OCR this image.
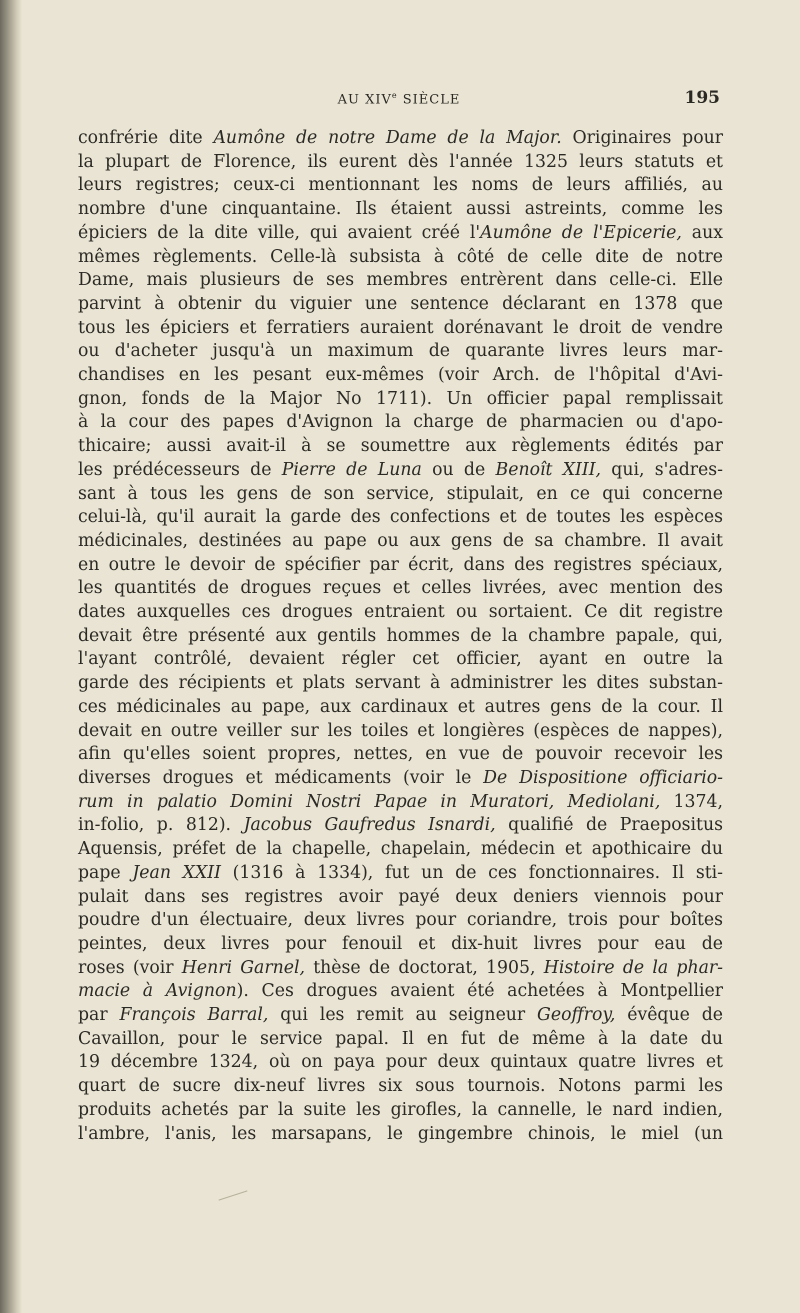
AU XIVe SIÈCLE	195
confrérie dite Aumône de notre Dame de la Major. Originaires pour
la plupart de Florence, ils eurent dès l'année 1325 leurs statuts et
leurs registres; ceux-ci mentionnant les noms de leurs affiliés, au
nombre d'une cinquantaine. Ils étaient aussi astreints, comme les
épiciers de la dite ville, qui avaient créé l'Aumône de l'Epicerie, aux
mêmes règlements. Celle-là subsista à côté de celle dite de notre
Dame, mais plusieurs de ses membres entrèrent dans celle-ci. Elle
parvint à obtenir du viguier une sentence déclarant en 1378 que
tous les épiciers et ferratiers auraient dorénavant le droit de vendre
ou d'acheter jusqu'à un maximum de quarante livres leurs mar-
chandises en les pesant eux-mêmes (voir Arch. de l'hôpital d'Avi-
gnon, fonds de la Major No 1711). Un officier papal remplissait
à la cour des papes d'Avignon la charge de pharmacien ou d'apo-
thicaire; aussi avait-il à se soumettre aux règlements édités par
les prédécesseurs de Pierre de Luna ou de Benoît XIII, qui, s'adres-
sant à tous les gens de son service, stipulait, en ce qui concerne
celui-là, qu'il aurait la garde des confections et de toutes les espèces
médicinales, destinées au pape ou aux gens de sa chambre. Il avait
en outre le devoir de spécifier par écrit, dans des registres spéciaux,
les quantités de drogues reçues et celles livrées, avec mention des
dates auxquelles ces drogues entraient ou sortaient. Ce dit registre
devait être présenté aux gentils hommes de la chambre papale, qui,
l'ayant contrôlé, devaient régler cet officier, ayant en outre la
garde des récipients et plats servant à administrer les dites substan-
ces médicinales au pape, aux cardinaux et autres gens de la cour. Il
devait en outre veiller sur les toiles et longières (espèces de nappes),
afin qu'elles soient propres, nettes, en vue de pouvoir recevoir les
diverses drogues et médicaments (voir le De Dispositione officiario-
rum in palatio Domini Nostri Papae in Muratori, Mediolani, 1374,
in-folio, p. 812). Jacobus Gaufredus Isnardi, qualifié de Praepositus
Aquensis, préfet de la chapelle, chapelain, médecin et apothicaire du
pape Jean XXII (1316 à 1334), fut un de ces fonctionnaires. Il sti-
pulait dans ses registres avoir payé deux deniers viennois pour
poudre d'un électuaire, deux livres pour coriandre, trois pour boîtes
peintes, deux livres pour fenouil et dix-huit livres pour eau de
roses (voir Henri Garnel, thèse de doctorat, 1905, Histoire de la phar-
macie à Avignon). Ces drogues avaient été achetées à Montpellier
par François Barral, qui les remit au seigneur Geoffroy, évêque de
Cavaillon, pour le service papal. Il en fut de même à la date du
19 décembre 1324, où on paya pour deux quintaux quatre livres et
quart de sucre dix-neuf livres six sous tournois. Notons parmi les
produits achetés par la suite les girofles, la cannelle, le nard indien,
l'ambre, l'anis, les marsapans, le gingembre chinois, le miel (un
